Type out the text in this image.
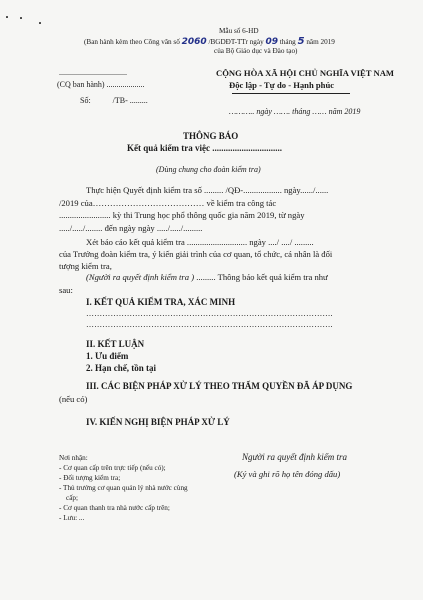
Mẫu số 6-HD
(Ban hành kèm theo Công văn số 2060 /BGDĐT-TTr ngày 09 tháng 5 năm 2019
của Bộ Giáo dục và Đào tạo)
..................................
(CQ ban hành) ...................
Số:	/TB- .........
CỘNG HÒA XÃ HỘI CHỦ NGHĨA VIỆT NAM
Độc lập - Tự do - Hạnh phúc
……….. ngày ……. tháng …… năm 2019
THÔNG BÁO
Kết quả kiểm tra việc ...............................
(Dùng chung cho đoàn kiểm tra)
Thực hiện Quyết định kiểm tra số ......... /QĐ-.................. ngày....../......
/2019 của………………………………… về kiểm tra công tác
........................ kỳ thi Trung học phổ thông quốc gia năm 2019, từ ngày
...../...../........ đến ngày ngày ...../...../.........
Xét báo cáo kết quả kiểm tra ............................ ngày ..../ ..../ .........
của Trưởng đoàn kiểm tra, ý kiến giải trình của cơ quan, tổ chức, cá nhân là đối
tượng kiểm tra,
(Người ra quyết định kiểm tra ) ......... Thông báo kết quả kiểm tra như
sau:
I. KẾT QUẢ KIỂM TRA, XÁC MINH
……………………………………………………………………………….
……………………………………………………………………………….
II. KẾT LUẬN
1. Ưu điểm
2. Hạn chế, tồn tại
III. CÁC BIỆN PHÁP XỬ LÝ THEO THẨM QUYỀN ĐÃ ÁP DỤNG
(nếu có)
IV. KIẾN NGHỊ BIỆN PHÁP XỬ LÝ
Người ra quyết định kiểm tra
(Ký và ghi rõ họ tên đóng dấu)
Nơi nhận:
- Cơ quan cấp trên trực tiếp (nếu có);
- Đối tượng kiểm tra;
- Thủ trưởng cơ quan quản lý nhà nước cùng
cấp;
- Cơ quan thanh tra nhà nước cấp trên;
- Lưu: ...
